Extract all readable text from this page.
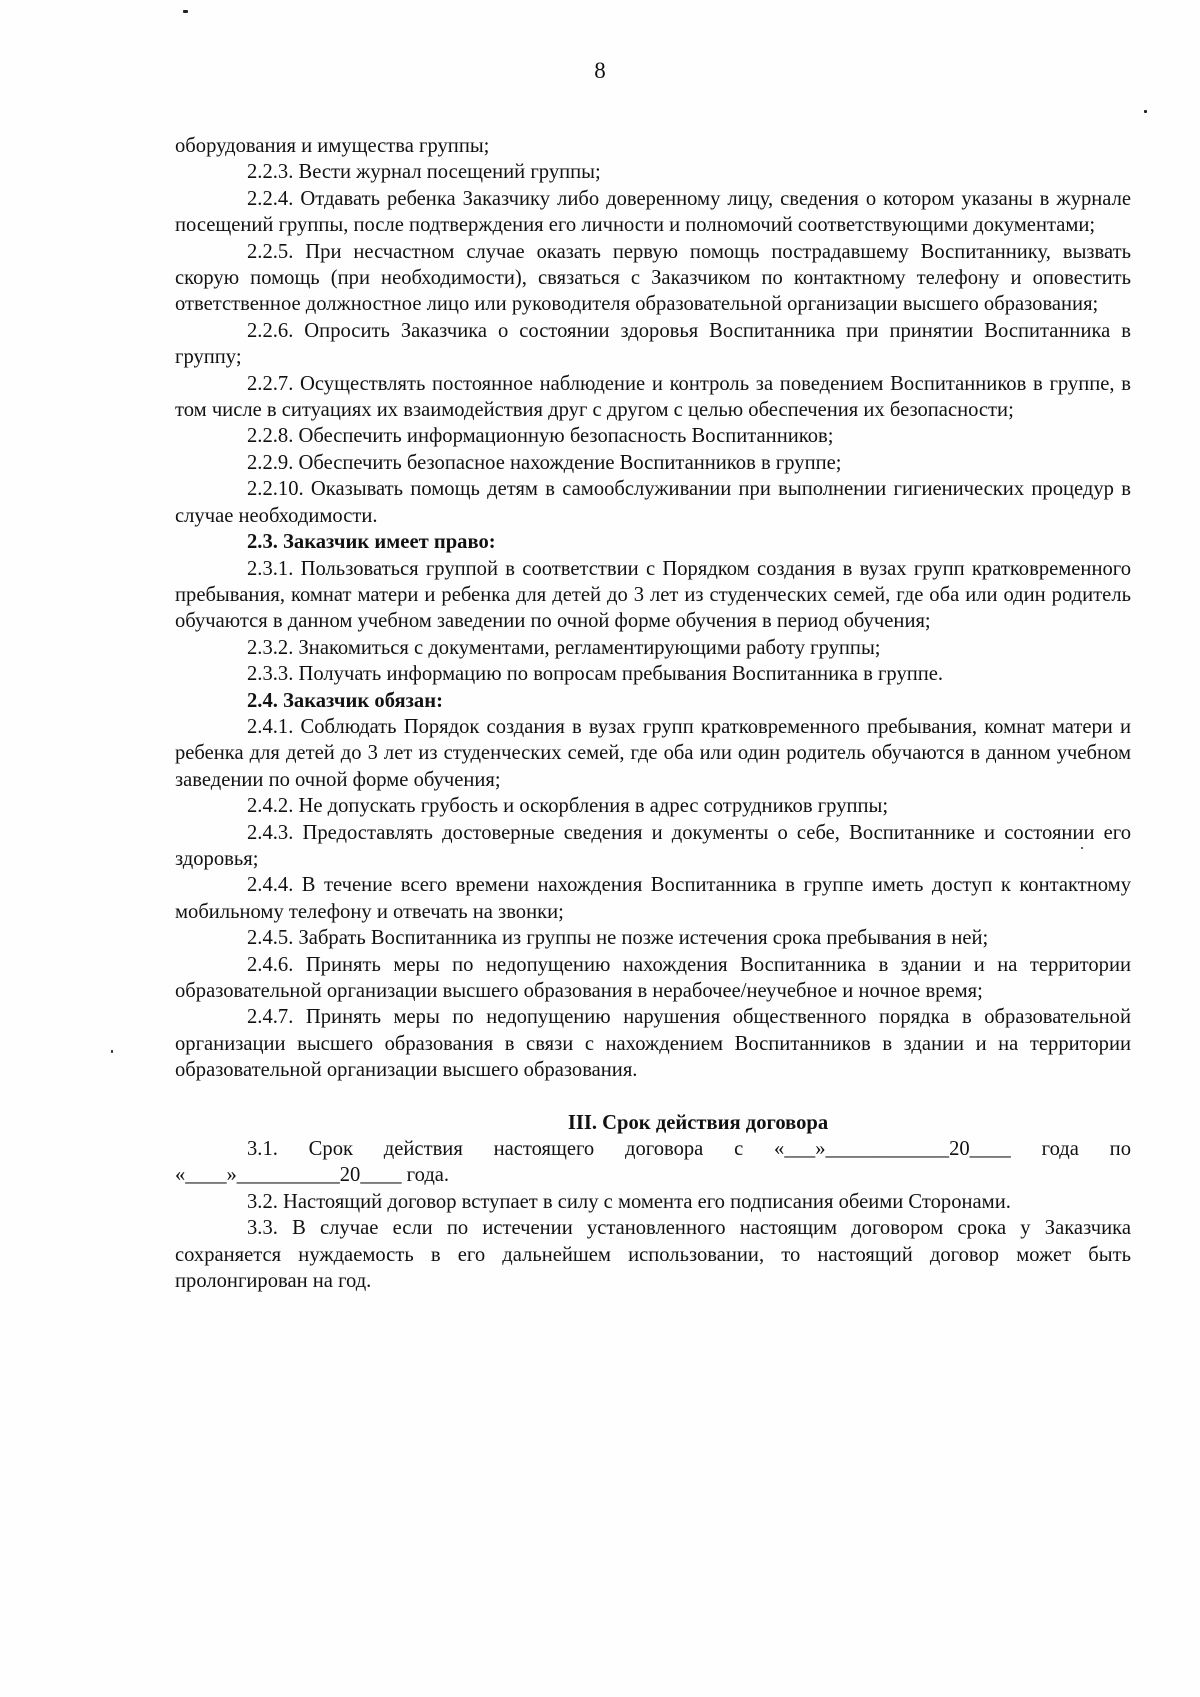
8

оборудования и имущества группы;

2.2.3. Вести журнал посещений группы;

2.2.4. Отдавать ребенка Заказчику либо доверенному лицу, сведения о котором указаны в журнале посещений группы, после подтверждения его личности и полномочий соответствующими документами;

2.2.5. При несчастном случае оказать первую помощь пострадавшему Воспитаннику, вызвать скорую помощь (при необходимости), связаться с Заказчиком по контактному телефону и оповестить ответственное должностное лицо или руководителя образовательной организации высшего образования;

2.2.6. Опросить Заказчика о состоянии здоровья Воспитанника при принятии Воспитанника в группу;

2.2.7. Осуществлять постоянное наблюдение и контроль за поведением Воспитанников в группе, в том числе в ситуациях их взаимодействия друг с другом с целью обеспечения их безопасности;

2.2.8. Обеспечить информационную безопасность Воспитанников;

2.2.9. Обеспечить безопасное нахождение Воспитанников в группе;

2.2.10. Оказывать помощь детям в самообслуживании при выполнении гигиенических процедур в случае необходимости.

2.3. Заказчик имеет право:

2.3.1. Пользоваться группой в соответствии с Порядком создания в вузах групп кратковременного пребывания, комнат матери и ребенка для детей до 3 лет из студенческих семей, где оба или один родитель обучаются в данном учебном заведении по очной форме обучения в период обучения;

2.3.2. Знакомиться с документами, регламентирующими работу группы;

2.3.3. Получать информацию по вопросам пребывания Воспитанника в группе.

2.4. Заказчик обязан:

2.4.1. Соблюдать Порядок создания в вузах групп кратковременного пребывания, комнат матери и ребенка для детей до 3 лет из студенческих семей, где оба или один родитель обучаются в данном учебном заведении по очной форме обучения;

2.4.2. Не допускать грубость и оскорбления в адрес сотрудников группы;

2.4.3. Предоставлять достоверные сведения и документы о себе, Воспитаннике и состоянии его здоровья;

2.4.4. В течение всего времени нахождения Воспитанника в группе иметь доступ к контактному мобильному телефону и отвечать на звонки;

2.4.5. Забрать Воспитанника из группы не позже истечения срока пребывания в ней;

2.4.6. Принять меры по недопущению нахождения Воспитанника в здании и на территории образовательной организации высшего образования в нерабочее/неучебное и ночное время;

2.4.7. Принять меры по недопущению нарушения общественного порядка в образовательной организации высшего образования в связи с нахождением Воспитанников в здании и на территории образовательной организации высшего образования.

III. Срок действия договора

3.1. Срок действия настоящего договора с «___»____________20____ года по «____»__________20____ года.

3.2. Настоящий договор вступает в силу с момента его подписания обеими Сторонами.

3.3. В случае если по истечении установленного настоящим договором срока у Заказчика сохраняется нуждаемость в его дальнейшем использовании, то настоящий договор может быть пролонгирован на год.
